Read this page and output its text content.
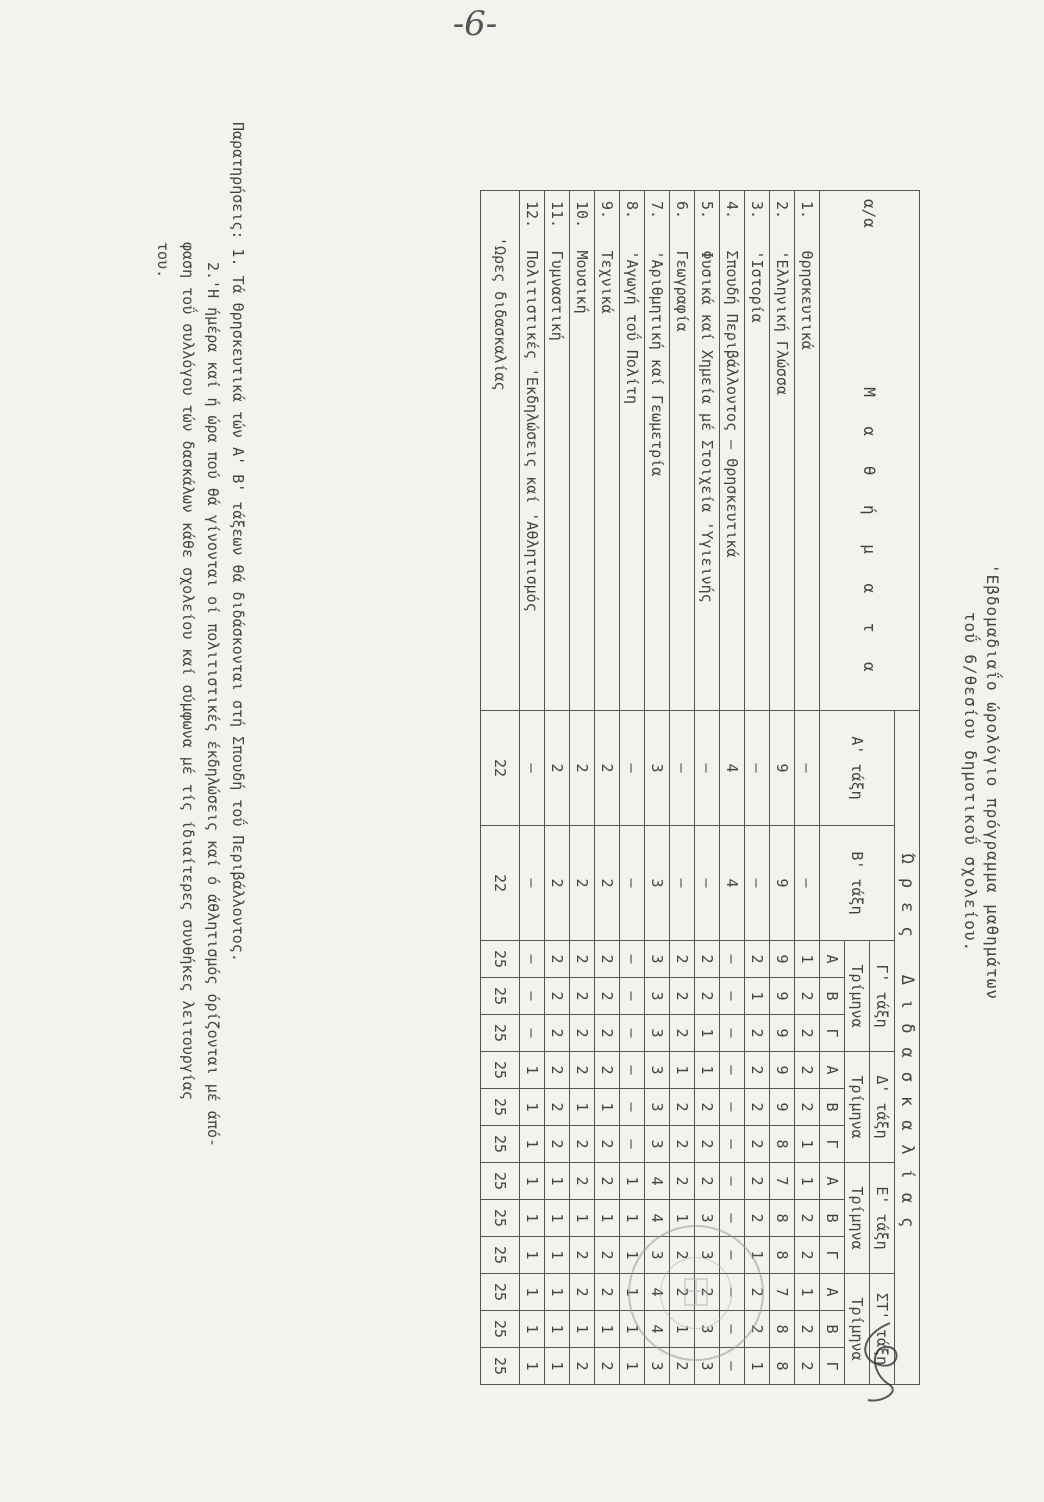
-6-
'Εβδομαδιαΐο ώρολόγιο πρόγραμμα μαθημάτων
τοΰ 6/θεσίου δημοτικοΰ σχολείου.
α/α  Μ α θ ή μ α τ α		Ώρες Διδασκαλίας													
		Α' τάξη	Β' τάξη	Γ' τάξη			Δ' τάξη			Ε' τάξη			ΣΤ' τάξη		
				Τρίμηνα			Τρίμηνα			Τρίμηνα			Τρίμηνα		
				Α	Β	Γ	Α	Β	Γ	Α	Β	Γ	Α	Β	Γ
1.	Θρησκευτικά	–	–	1	2	2	2	2	1	1	2	2	1	2	2
2.	'Ελληνική Γλώσσα	9	9	9	9	9	9	9	8	7	8	8	7	8	8
3.	'Ιστορία	–	–	2	1	2	2	2	2	2	2	1	2	2	1
4.	Σπουδή Περιβάλλοντος – Θρησκευτικά	4	4	–	–	–	–	–	–	–	–	–	–	–	–
5.	Φυσικά καί Χημεία μέ Στοιχεία 'Υγιεινής	–	–	2	2	1	1	2	2	2	3	3	2	3	3
6.	Γεωγραφία	–	–	2	2	2	1	2	2	2	1	2	2	1	2
7.	'Αριθμητική καί Γεωμετρία	3	3	3	3	3	3	3	3	4	4	3	4	4	3
8.	'Αγωγή τοΰ Πολίτη	–	–	–	–	–	–	–	–	1	1	1	1	1	1
9.	Τεχνικά	2	2	2	2	2	2	1	2	2	1	2	2	1	2
10.	Μουσική	2	2	2	2	2	2	1	2	2	1	2	2	1	2
11.	Γυμναστική	2	2	2	2	2	2	2	2	1	1	1	1	1	1
12.	Πολιτιστικές 'Εκδηλώσεις καί 'Αθλητισμός	–	–	–	–	–	1	1	1	1	1	1	1	1	1
'Ωρες διδασκαλίας		22	22	25	25	25	25	25	25	25	25	25	25	25	25
Παρατηρήσεις: 1. Τά Θρησκευτικά τών Α' Β' τάξεων θά διδάσκονται στή Σπουδή τοΰ Περιβάλλοντος.
2.'Η ήμέρα καί ή ώρα πού θά γίνονται οί πολιτιστικές έκδηλώσεις καί ό άθλητισμός όρίζονται μέ άπό-
φαση τοΰ συλλόγου τών δασκάλων κάθε σχολείου καί σύμφωνα μέ τίς ίδιαίτερες συνθήκες λειτουργίας
του.
